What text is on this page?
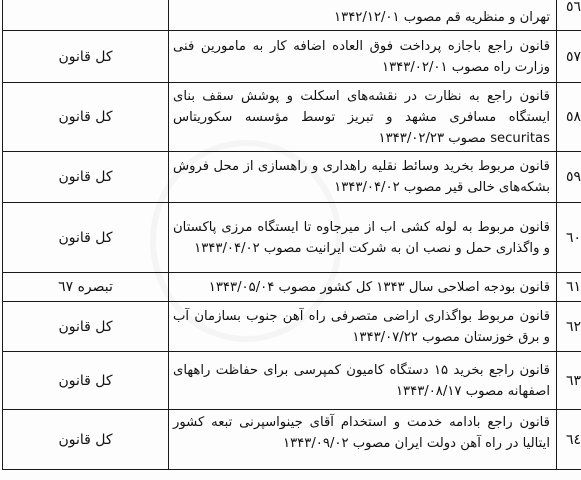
٥٦	تهران و منظریه قم مصوب ۱۳۴۲/۱۲/۰۱	
٥٧	قانون راجع باجازه پرداخت فوق العاده اضافه کار به مامورین فنی وزارت راه مصوب ۱۳۴۳/۰۲/۰۱	کل قانون
٥٨	قانون راجع به نظارت در نقشه‌های اسکلت و پوشش سقف بنای ایستگاه مسافری مشهد و تبریز توسط مؤسسه سکوریتاس securitas مصوب ۱۳۴۳/۰۲/۲۳	کل قانون
٥٩	قانون مربوط بخرید وسائط نقلیه راهداری و راهسازی از محل فروش بشکه‌های خالی قیر مصوب ۱۳۴۳/۰۴/۰۲	کل قانون
٦٠	قانون مربوط به لوله کشی اب از میرجاوه تا ایستگاه مرزی پاکستان و واگذاری حمل و نصب ان به شرکت ایرانیت مصوب ۱۳۴۳/۰۴/۰۲	کل قانون
٦١	قانون بودجه اصلاحی سال ۱۳۴۳ کل کشور مصوب ۱۳۴۳/۰۵/۰۴	تبصره ٦٧
٦٢	قانون مربوط بواگذاری اراضی متصرفی راه آهن جنوب بسازمان آب و برق خوزستان مصوب ۱۳۴۳/۰۷/۲۲	کل قانون
٦٣	قانون راجع بخرید ۱۵ دستگاه کامیون کمپرسی برای حفاظت راههای اصفهانه مصوب ۱۳۴۳/۰۸/۱۷	کل قانون
٦٤	قانون راجع بادامه خدمت و استخدام آقای جینواسپرنی تبعه کشور ایتالیا در راه آهن دولت ایران مصوب ۱۳۴۳/۰۹/۰۲	کل قانون
